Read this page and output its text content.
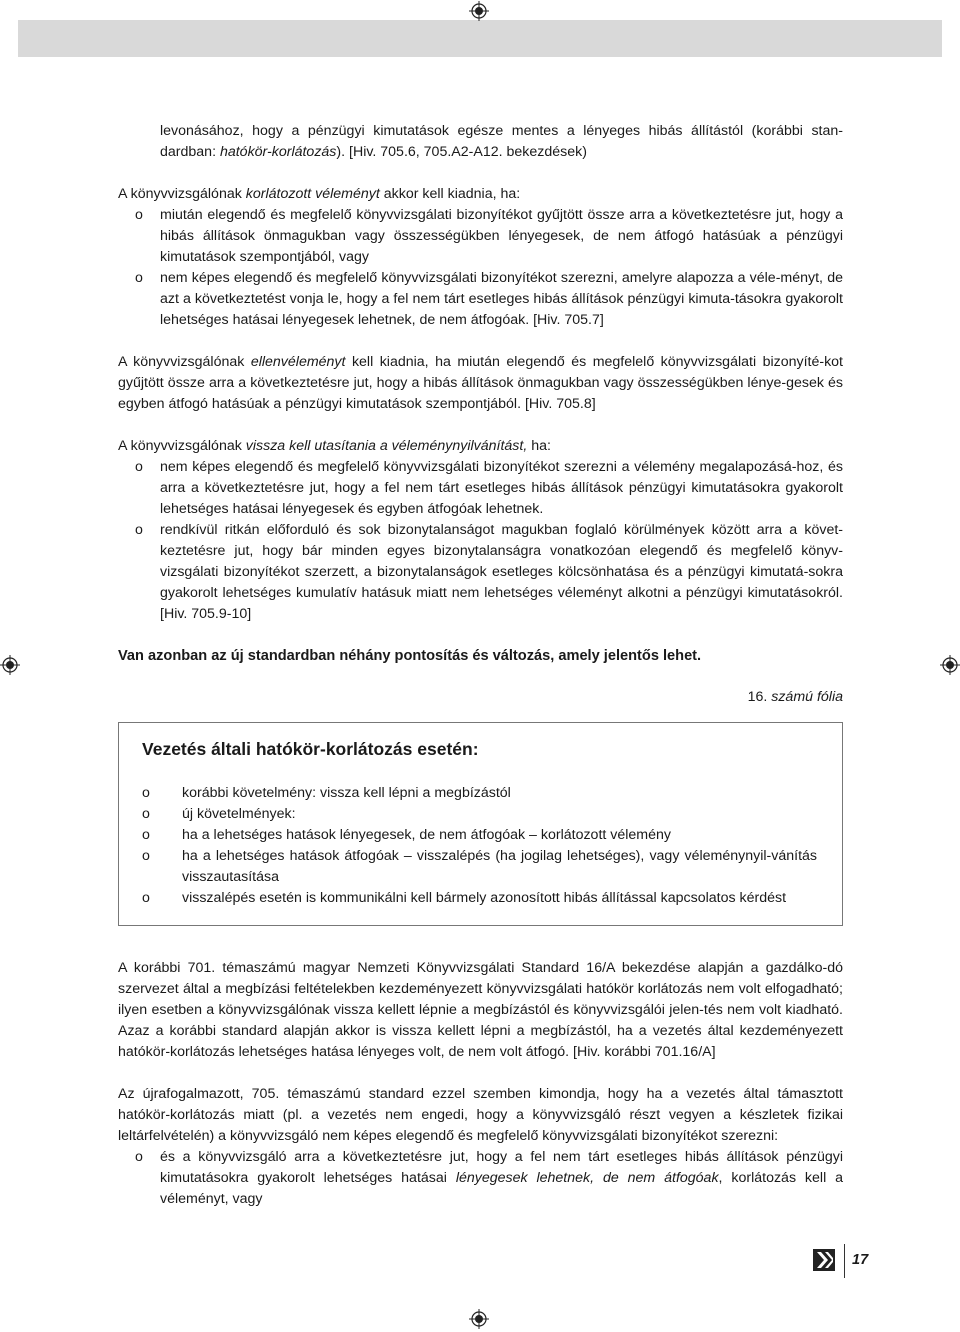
levonásához, hogy a pénzügyi kimutatások egésze mentes a lényeges hibás állítástól (korábbi stan-dardban: hatókör-korlátozás). [Hiv. 705.6, 705.A2-A12. bekezdések)

A könyvvizsgálónak korlátozott véleményt akkor kell kiadnia, ha:

o miután elegendő és megfelelő könyvvizsgálati bizonyítékot gyűjtött össze arra a következtetésre jut, hogy a hibás állítások önmagukban vagy összességükben lényegesek, de nem átfogó hatásúak a pénzügyi kimutatások szempontjából, vagy
o nem képes elegendő és megfelelő könyvvizsgálati bizonyítékot szerezni, amelyre alapozza a véle-ményt, de azt a következtetést vonja le, hogy a fel nem tárt esetleges hibás állítások pénzügyi kimuta-tásokra gyakorolt lehetséges hatásai lényegesek lehetnek, de nem átfogóak. [Hiv. 705.7]

A könyvvizsgálónak ellenvéleményt kell kiadnia, ha miután elegendő és megfelelő könyvvizsgálati bizonyíté-kot gyűjtött össze arra a következtetésre jut, hogy a hibás állítások önmagukban vagy összességükben lénye-gesek és egyben átfogó hatásúak a pénzügyi kimutatások szempontjából. [Hiv. 705.8]

A könyvvizsgálónak vissza kell utasítania a véleménynyilvánítást, ha:

o nem képes elegendő és megfelelő könyvvizsgálati bizonyítékot szerezni a vélemény megalapozásá-hoz, és arra a következtetésre jut, hogy a fel nem tárt esetleges hibás állítások pénzügyi kimutatásokra gyakorolt lehetséges hatásai lényegesek és egyben átfogóak lehetnek.
o rendkívül ritkán előforduló és sok bizonytalanságot magukban foglaló körülmények között arra a követ-keztetésre jut, hogy bár minden egyes bizonytalanságra vonatkozóan elegendő és megfelelő könyv-vizsgálati bizonyítékot szerzett, a bizonytalanságok esetleges kölcsönhatása és a pénzügyi kimutatá-sokra gyakorolt lehetséges kumulatív hatásuk miatt nem lehetséges véleményt alkotni a pénzügyi kimutatásokról. [Hiv. 705.9-10]

Van azonban az új standardban néhány pontosítás és változás, amely jelentős lehet.

16. számú fólia
Vezetés általi hatókör-korlátozás esetén:
o korábbi követelmény: vissza kell lépni a megbízástól
o új követelmények:
o ha a lehetséges hatások lényegesek, de nem átfogóak – korlátozott vélemény
o ha a lehetséges hatások átfogóak – visszalépés (ha jogilag lehetséges), vagy véleménynyil-vánítás visszautasítása
o visszalépés esetén is kommunikálni kell bármely azonosított hibás állítással kapcsolatos kérdést

A korábbi 701. témaszámú magyar Nemzeti Könyvvizsgálati Standard 16/A bekezdése alapján a gazdálko-dó szervezet által a megbízási feltételekben kezdeményezett könyvvizsgálati hatókör korlátozás nem volt elfogadható; ilyen esetben a könyvvizsgálónak vissza kellett lépnie a megbízástól és könyvvizsgálói jelen-tés nem volt kiadható. Azaz a korábbi standard alapján akkor is vissza kellett lépni a megbízástól, ha a vezetés által kezdeményezett hatókör-korlátozás lehetséges hatása lényeges volt, de nem volt átfogó. [Hiv. korábbi 701.16/A]

Az újrafogalmazott, 705. témaszámú standard ezzel szemben kimondja, hogy ha a vezetés által támasztott hatókör-korlátozás miatt (pl. a vezetés nem engedi, hogy a könyvvizsgáló részt vegyen a készletek fizikai leltárfelvételén) a könyvvizsgáló nem képes elegendő és megfelelő könyvvizsgálati bizonyítékot szerezni:

o és a könyvvizsgáló arra a következtetésre jut, hogy a fel nem tárt esetleges hibás állítások pénzügyi kimutatásokra gyakorolt lehetséges hatásai lényegesek lehetnek, de nem átfogóak, korlátozás kell a véleményt, vagy
17
